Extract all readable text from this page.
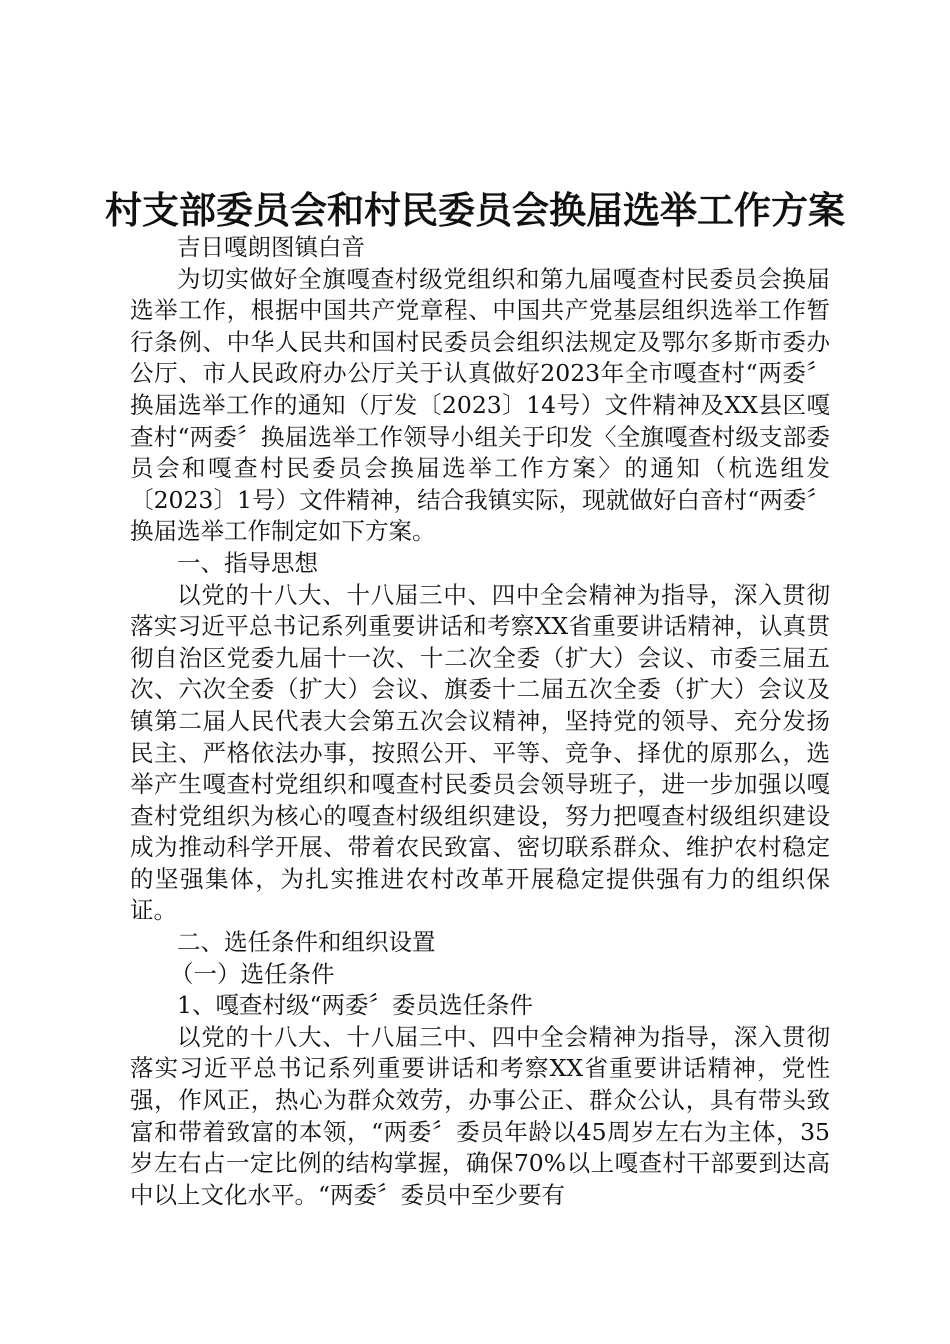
村支部委员会和村民委员会换届选举工作方案

吉日嘎朗图镇白音

为切实做好全旗嘎查村级党组织和第九届嘎查村民委员会换届选举工作，根据中国共产党章程、中国共产党基层组织选举工作暂行条例、中华人民共和国村民委员会组织法规定及鄂尔多斯市委办公厅、市人民政府办公厅关于认真做好2023年全市嘎查村“两委〞换届选举工作的通知（厅发〔2023〕14号）文件精神及XX县区嘎查村“两委〞换届选举工作领导小组关于印发〈全旗嘎查村级支部委员会和嘎查村民委员会换届选举工作方案〉的通知（杭选组发〔2023〕1号）文件精神，结合我镇实际，现就做好白音村“两委〞换届选举工作制定如下方案。

一、指导思想

以党的十八大、十八届三中、四中全会精神为指导，深入贯彻落实习近平总书记系列重要讲话和考察XX省重要讲话精神，认真贯彻自治区党委九届十一次、十二次全委（扩大）会议、市委三届五次、六次全委（扩大）会议、旗委十二届五次全委（扩大）会议及镇第二届人民代表大会第五次会议精神，坚持党的领导、充分发扬民主、严格依法办事，按照公开、平等、竞争、择优的原那么，选举产生嘎查村党组织和嘎查村民委员会领导班子，进一步加强以嘎查村党组织为核心的嘎查村级组织建设，努力把嘎查村级组织建设成为推动科学开展、带着农民致富、密切联系群众、维护农村稳定的坚强集体，为扎实推进农村改革开展稳定提供强有力的组织保证。

二、选任条件和组织设置

（一）选任条件

1、嘎查村级“两委〞委员选任条件

以党的十八大、十八届三中、四中全会精神为指导，深入贯彻落实习近平总书记系列重要讲话和考察XX省重要讲话精神，党性强，作风正，热心为群众效劳，办事公正、群众公认，具有带头致富和带着致富的本领，“两委〞委员年龄以45周岁左右为主体，35岁左右占一定比例的结构掌握，确保70%以上嘎查村干部要到达高中以上文化水平。“两委〞委员中至少要有
